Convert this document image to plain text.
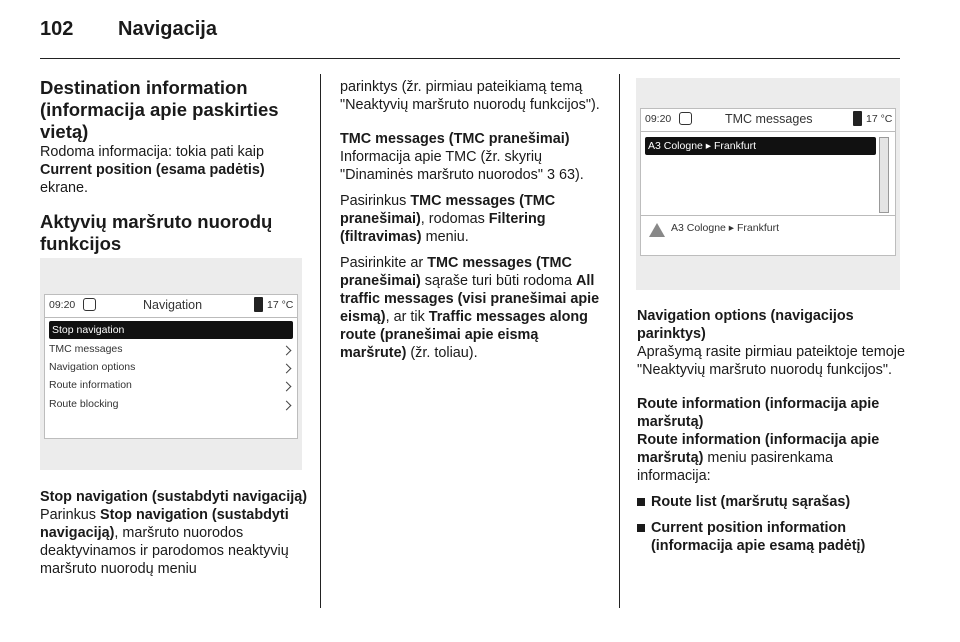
102 Navigacija

Destination information (informacija apie paskirties vietą)

Rodoma informacija: tokia pati kaip Current position (esama padėtis) ekrane.

Aktyvių maršruto nuorodų funkcijos

09:20	Navigation	17 °C
Stop navigation
TMC messages
Navigation options
Route information
Route blocking

Stop navigation (sustabdyti navigaciją)

Parinkus Stop navigation (sustabdyti navigaciją), maršruto nuorodos deaktyvinamos ir parodomos neaktyvių maršruto nuorodų meniu

parinktys (žr. pirmiau pateikiamą temą "Neaktyvių maršruto nuorodų funkcijos").

TMC messages (TMC pranešimai)

Informacija apie TMC (žr. skyrių "Dinaminės maršruto nuorodos" 3 63).

Pasirinkus TMC messages (TMC pranešimai), rodomas Filtering (filtravimas) meniu.

Pasirinkite ar TMC messages (TMC pranešimai) sąraše turi būti rodoma All traffic messages (visi pranešimai apie eismą), ar tik Traffic messages along route (pranešimai apie eismą maršrute) (žr. toliau).

09:20	TMC messages	17 °C
A3 Cologne ▸ Frankfurt
A3 Cologne ▸ Frankfurt

Navigation options (navigacijos parinktys)

Aprašymą rasite pirmiau pateiktoje temoje "Neaktyvių maršruto nuorodų funkcijos".

Route information (informacija apie maršrutą)

Route information (informacija apie maršrutą) meniu pasirenkama informacija:

Route list (maršrutų sąrašas)
Current position information (informacija apie esamą padėtį)
